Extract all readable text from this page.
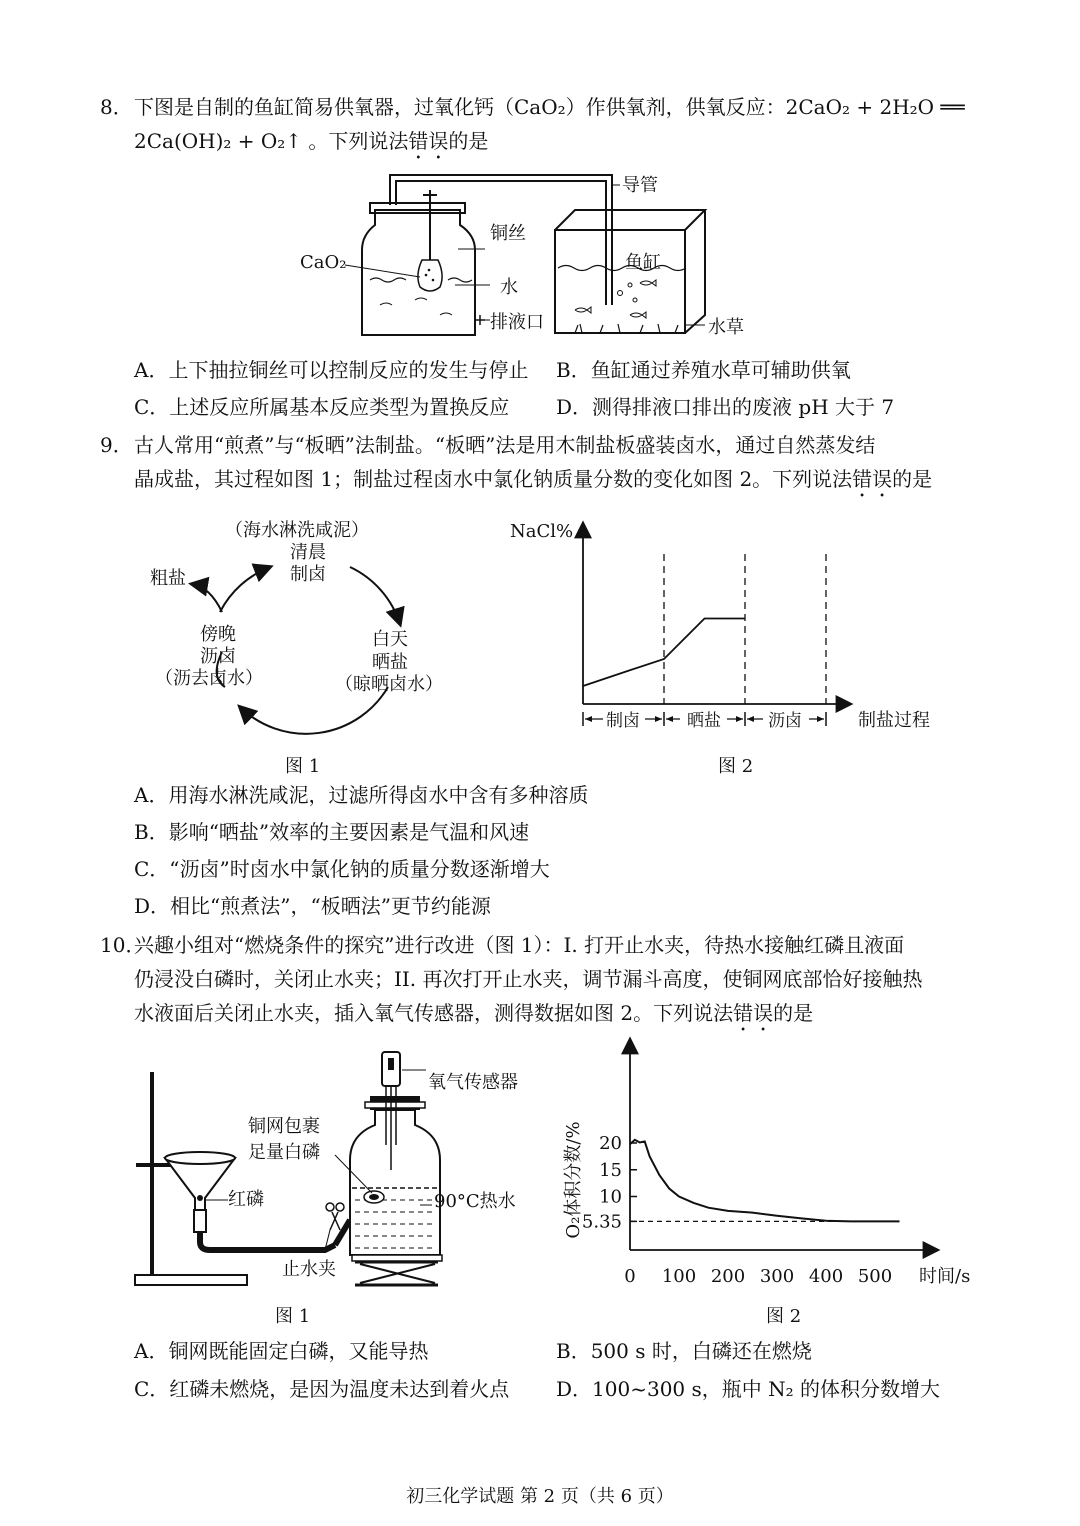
8． 下图是自制的鱼缸简易供氧器，过氧化钙（CaO₂）作供氧剂，供氧反应：2CaO₂ + 2H₂O ══
2Ca(OH)₂ + O₂↑ 。下列说法错误的是
CaO₂
导管
铜丝
水
鱼缸
排液口	水草
A．上下抽拉铜丝可以控制反应的发生与停止 B．鱼缸通过养殖水草可辅助供氧
C．上述反应所属基本反应类型为置换反应 D．测得排液口排出的废液 pH 大于 7
9． 古人常用“煎煮”与“板晒”法制盐。“板晒”法是用木制盐板盛装卤水，通过自然蒸发结
晶成盐，其过程如图 1；制盐过程卤水中氯化钠质量分数的变化如图 2。下列说法错误的是
（海水淋洗咸泥）
清晨
制卤
白天
晒盐
（晾晒卤水）
傍晚
沥卤
（沥去卤水）
粗盐
图 1
NaCl%
制盐过程
制卤	晒盐	沥卤
图 2
A．用海水淋洗咸泥，过滤所得卤水中含有多种溶质
B．影响“晒盐”效率的主要因素是气温和风速
C．“沥卤”时卤水中氯化钠的质量分数逐渐增大
D．相比“煎煮法”，“板晒法”更节约能源
10．
兴趣小组对“燃烧条件的探究”进行改进（图 1）：I. 打开止水夹，待热水接触红磷且液面
仍浸没白磷时，关闭止水夹；II. 再次打开止水夹，调节漏斗高度，使铜网底部恰好接触热
水液面后关闭止水夹，插入氧气传感器，测得数据如图 2。下列说法错误的是
氧气传感器
铜网包裹
足量白磷
红磷	90°C热水
止水夹
图 1
0 100 200 300 400 500
5.35
10
15
20
时间/s
O₂体积分数/%
图 2
A．铜网既能固定白磷，又能导热	B．500 s 时，白磷还在燃烧
C．红磷未燃烧，是因为温度未达到着火点 D．100~300 s，瓶中 N₂ 的体积分数增大
初三化学试题 第 2 页（共 6 页）
